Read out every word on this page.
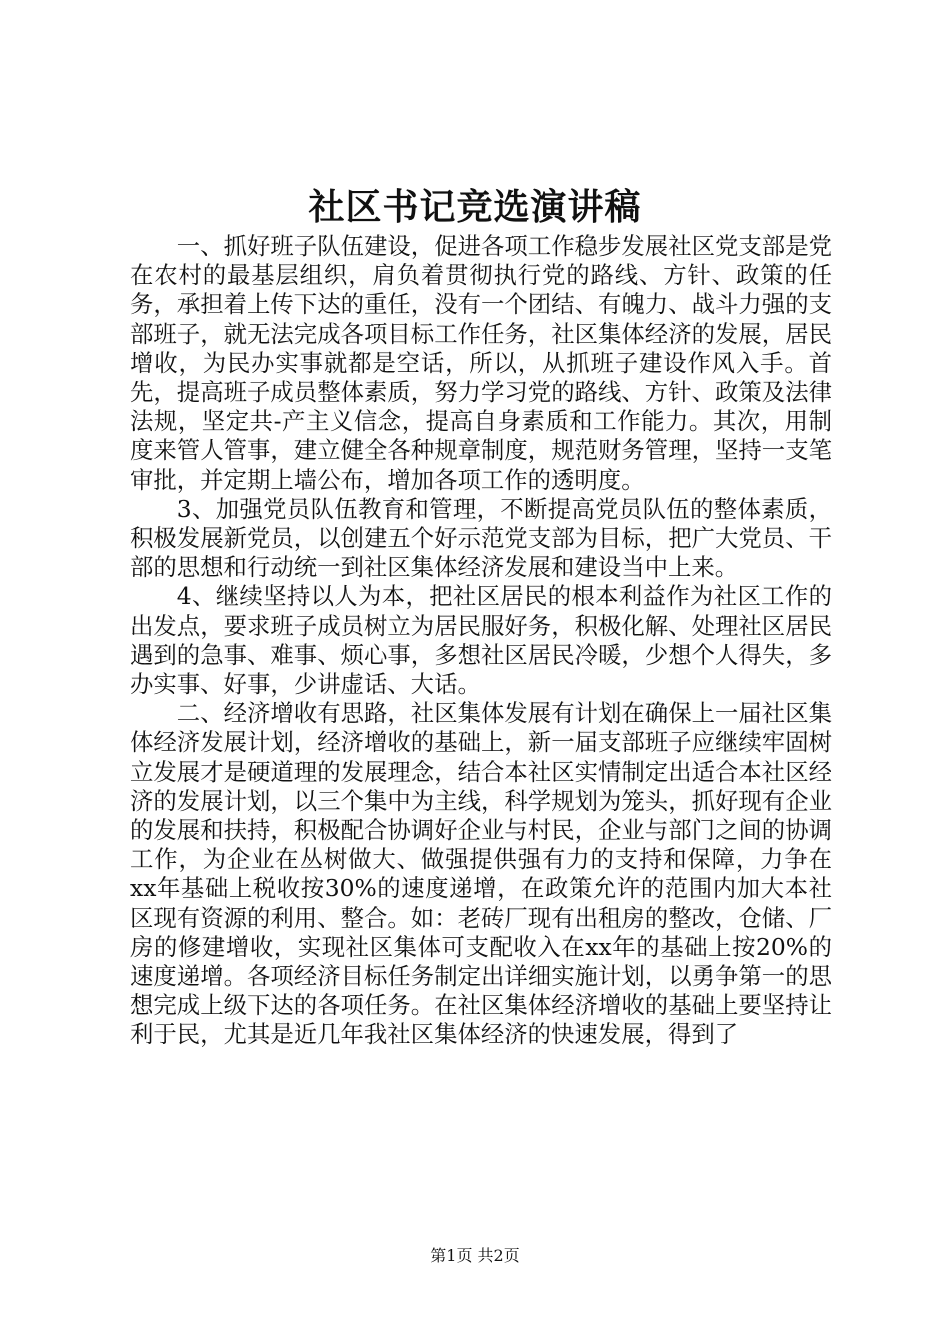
社区书记竞选演讲稿

一、抓好班子队伍建设，促进各项工作稳步发展社区党支部是党在农村的最基层组织，肩负着贯彻执行党的路线、方针、政策的任务，承担着上传下达的重任，没有一个团结、有魄力、战斗力强的支部班子，就无法完成各项目标工作任务，社区集体经济的发展，居民增收，为民办实事就都是空话，所以，从抓班子建设作风入手。首先，提高班子成员整体素质，努力学习党的路线、方针、政策及法律法规，坚定共-产主义信念，提高自身素质和工作能力。其次，用制度来管人管事，建立健全各种规章制度，规范财务管理，坚持一支笔审批，并定期上墙公布，增加各项工作的透明度。

3、加强党员队伍教育和管理，不断提高党员队伍的整体素质，积极发展新党员，以创建五个好示范党支部为目标，把广大党员、干部的思想和行动统一到社区集体经济发展和建设当中上来。

4、继续坚持以人为本，把社区居民的根本利益作为社区工作的出发点，要求班子成员树立为居民服好务，积极化解、处理社区居民遇到的急事、难事、烦心事，多想社区居民冷暖，少想个人得失，多办实事、好事，少讲虚话、大话。

二、经济增收有思路，社区集体发展有计划在确保上一届社区集体经济发展计划，经济增收的基础上，新一届支部班子应继续牢固树立发展才是硬道理的发展理念，结合本社区实情制定出适合本社区经济的发展计划，以三个集中为主线，科学规划为笼头，抓好现有企业的发展和扶持，积极配合协调好企业与村民，企业与部门之间的协调工作，为企业在丛树做大、做强提供强有力的支持和保障，力争在xx年基础上税收按30%的速度递增，在政策允许的范围内加大本社区现有资源的利用、整合。如：老砖厂现有出租房的整改，仓储、厂房的修建增收，实现社区集体可支配收入在xx年的基础上按20%的速度递增。各项经济目标任务制定出详细实施计划，以勇争第一的思想完成上级下达的各项任务。在社区集体经济增收的基础上要坚持让利于民，尤其是近几年我社区集体经济的快速发展，得到了

第1页 共2页
